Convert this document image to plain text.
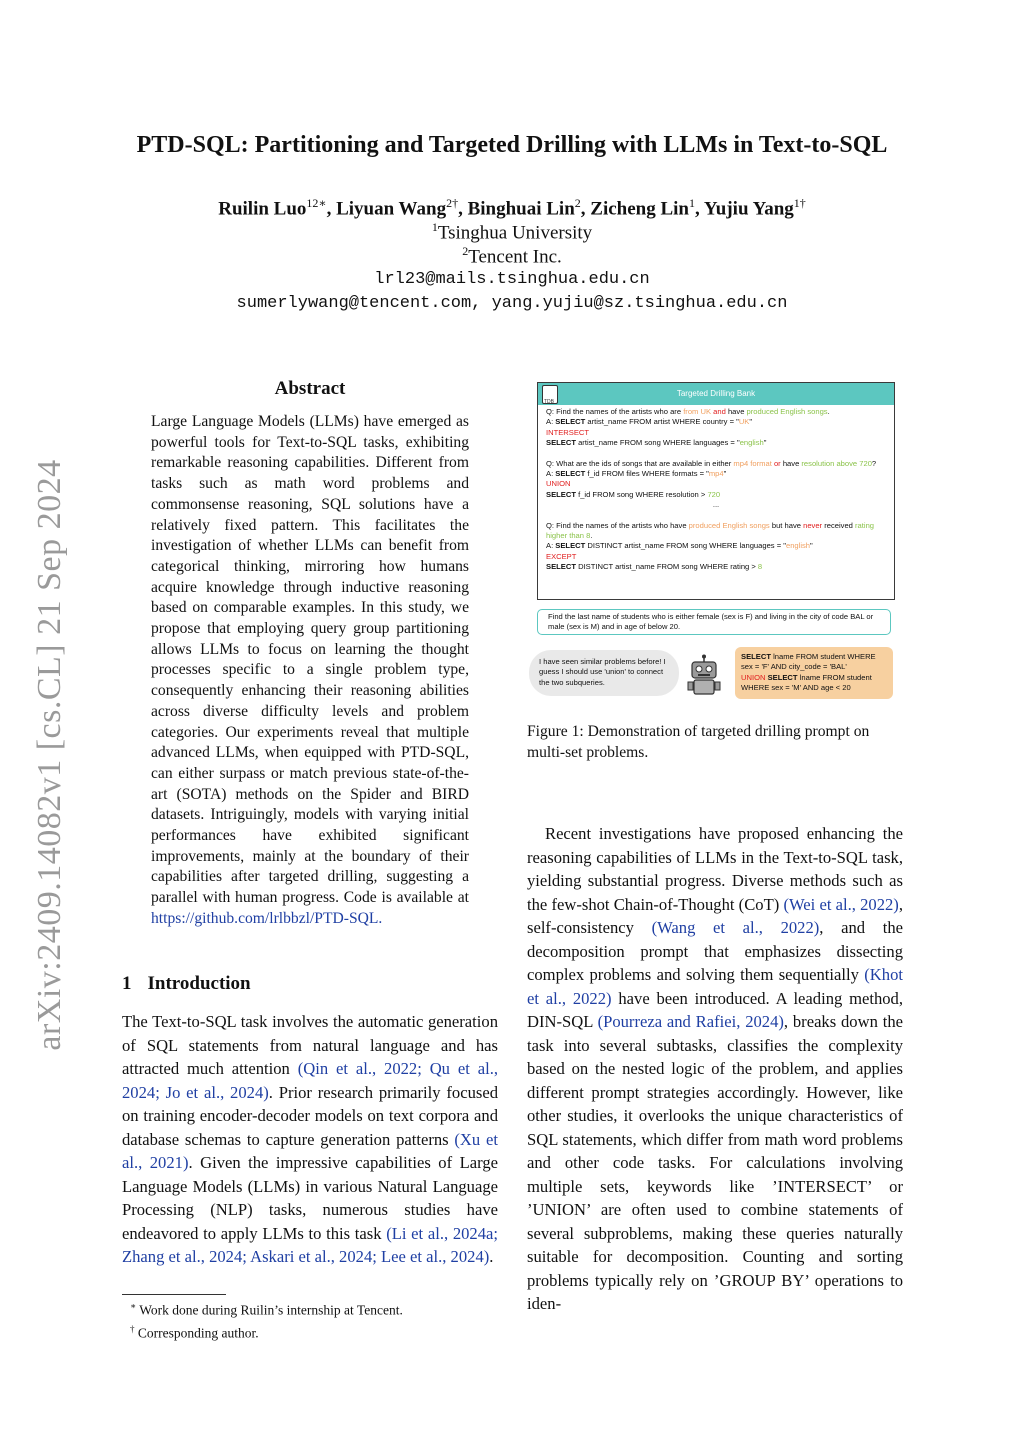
arXiv:2409.14082v1 [cs.CL] 21 Sep 2024
PTD-SQL: Partitioning and Targeted Drilling with LLMs in Text-to-SQL
Ruilin Luo$^{12∗}$, Liyuan Wang$^{2\dagger}$, Binghuai Lin$^2$, Zicheng Lin$^1$, Yujiu Yang$^{1\dagger}$
$^1$Tsinghua University
$^2$Tencent Inc.
lrl23@mails.tsinghua.edu.cn
sumerlywang@tencent.com, yang.yujiu@sz.tsinghua.edu.cn
Abstract
Large Language Models (LLMs) have emerged as powerful tools for Text-to-SQL tasks, exhibiting remarkable reasoning capabilities. Different from tasks such as math word problems and commonsense reasoning, SQL solutions have a relatively fixed pattern. This facilitates the investigation of whether LLMs can benefit from categorical thinking, mirroring how humans acquire knowledge through inductive reasoning based on comparable examples. In this study, we propose that employing query group partitioning allows LLMs to focus on learning the thought processes specific to a single problem type, consequently enhancing their reasoning abilities across diverse difficulty levels and problem categories. Our experiments reveal that multiple advanced LLMs, when equipped with PTD-SQL, can either surpass or match previous state-of-the-art (SOTA) methods on the Spider and BIRD datasets. Intriguingly, models with varying initial performances have exhibited significant improvements, mainly at the boundary of their capabilities after targeted drilling, suggesting a parallel with human progress. Code is available at https://github.com/lrlbbzl/PTD-SQL.
1 Introduction
The Text-to-SQL task involves the automatic generation of SQL statements from natural language and has attracted much attention (Qin et al., 2022; Qu et al., 2024; Jo et al., 2024). Prior research primarily focused on training encoder-decoder models on text corpora and database schemas to capture generation patterns (Xu et al., 2021). Given the impressive capabilities of Large Language Models (LLMs) in various Natural Language Processing (NLP) tasks, numerous studies have endeavored to apply LLMs to this task (Li et al., 2024a; Zhang et al., 2024; Askari et al., 2024; Lee et al., 2024).
∗ Work done during Ruilin’s internship at Tencent.
† Corresponding author.
TDB
Targeted Drilling Bank
Q: Find the names of the artists who are from UK and have produced English songs.
A: SELECT artist_name FROM artist WHERE country = "UK"
INTERSECT
SELECT artist_name FROM song WHERE languages = "english"
Q: What are the ids of songs that are available in either mp4 format or have resolution above 720?
A: SELECT f_id FROM files WHERE formats = "mp4"
UNION
SELECT f_id FROM song WHERE resolution > 720
...
Q: Find the names of the artists who have produced English songs but have never received rating higher than 8.
A: SELECT DISTINCT artist_name FROM song WHERE languages = "english"
EXCEPT
SELECT DISTINCT artist_name FROM song WHERE rating > 8
Find the last name of students who is either female (sex is F) and living in the city of code BAL or male (sex is M) and in age of below 20.
I have seen similar problems before! I guess I should use 'union' to connect the two subqueries.
SELECT lname FROM student WHERE
sex = 'F' AND city_code = 'BAL'
UNION SELECT lname FROM student
WHERE sex = 'M' AND age < 20
Figure 1: Demonstration of targeted drilling prompt on multi-set problems.
Recent investigations have proposed enhancing the reasoning capabilities of LLMs in the Text-to-SQL task, yielding substantial progress. Diverse methods such as the few-shot Chain-of-Thought (CoT) (Wei et al., 2022), self-consistency (Wang et al., 2022), and the decomposition prompt that emphasizes dissecting complex problems and solving them sequentially (Khot et al., 2022) have been introduced. A leading method, DIN-SQL (Pourreza and Rafiei, 2024), breaks down the task into several subtasks, classifies the complexity based on the nested logic of the problem, and applies different prompt strategies accordingly. However, like other studies, it overlooks the unique characteristics of SQL statements, which differ from math word problems and other code tasks. For calculations involving multiple sets, keywords like ’INTERSECT’ or ’UNION’ are often used to combine statements of several subproblems, making these queries naturally suitable for decomposition. Counting and sorting problems typically rely on ’GROUP BY’ operations to iden-
